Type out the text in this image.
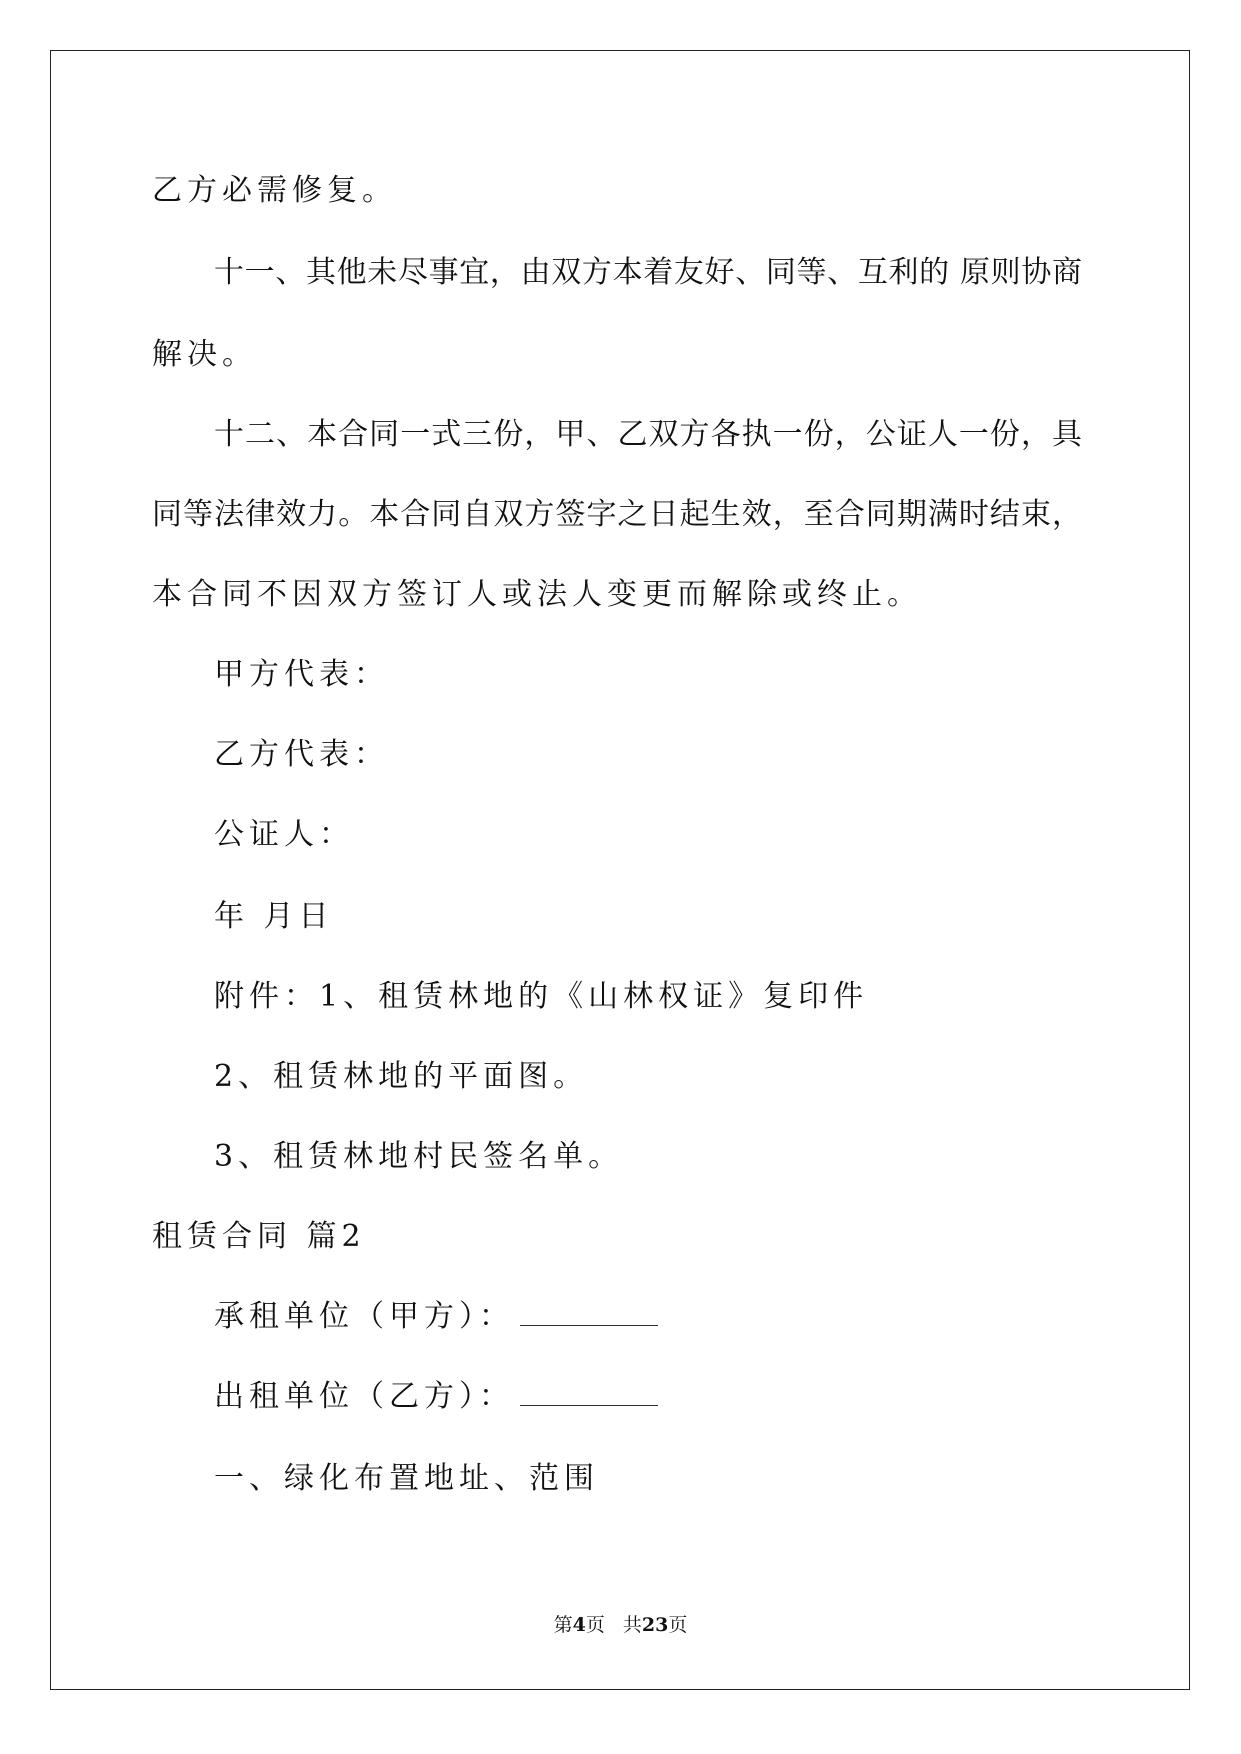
乙方必需修复。

十一、其他未尽事宜，由双方本着友好、同等、互利的 原则协商

解决。

十二、本合同一式三份，甲、乙双方各执一份，公证人一份，具

同等法律效力。本合同自双方签字之日起生效，至合同期满时结束，

本合同不因双方签订人或法人变更而解除或终止。

甲方代表：

乙方代表：

公证人：

年 月日

附件：1、租赁林地的《山林权证》复印件

2、租赁林地的平面图。

3、租赁林地村民签名单。

租赁合同 篇2

承租单位（甲方）：

出租单位（乙方）：

一、绿化布置地址、范围

第4页 共23页
